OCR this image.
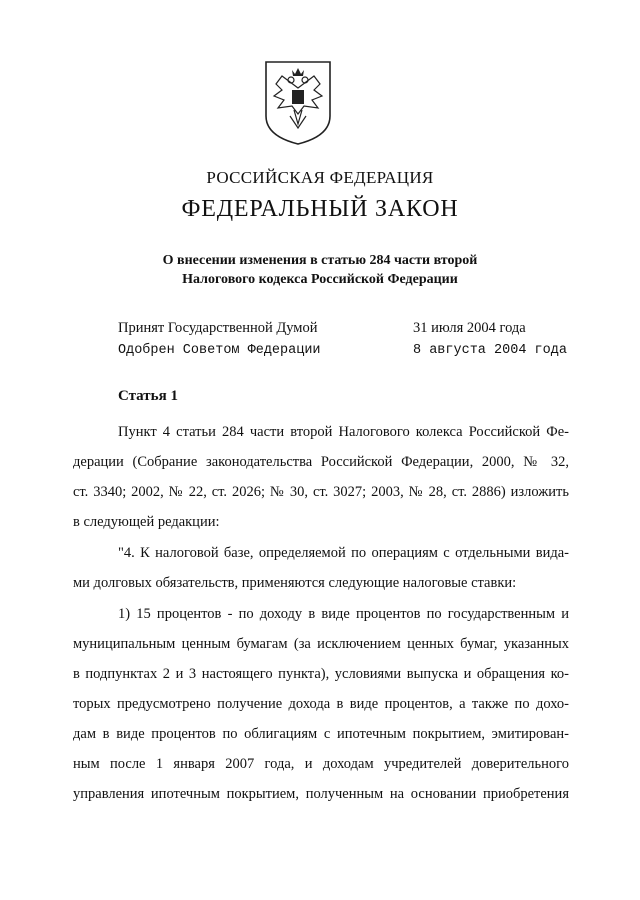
РОССИЙСКАЯ ФЕДЕРАЦИЯ
ФЕДЕРАЛЬНЫЙ ЗАКОН
О внесении изменения в статью 284 части второй
Налогового кодекса Российской Федерации
Принят Государственной Думой	31 июля 2004 года
Одобрен Советом Федерации	8 августа 2004 года
Статья 1
Пункт 4 статьи 284 части второй Налогового колекса Российской Фе-
дерации (Собрание законодательства Российской Федерации, 2000, № 32,
ст. 3340; 2002, № 22, ст. 2026; № 30, ст. 3027; 2003, № 28, ст. 2886) изложить
в следующей редакции:
"4. К налоговой базе, определяемой по операциям с отдельными вида-
ми долговых обязательств, применяются следующие налоговые ставки:
1) 15 процентов - по доходу в виде процентов по государственным и
муниципальным ценным бумагам (за исключением ценных бумаг, указанных
в подпунктах 2 и 3 настоящего пункта), условиями выпуска и обращения ко-
торых предусмотрено получение дохода в виде процентов, а также по дохо-
дам в виде процентов по облигациям с ипотечным покрытием, эмитирован-
ным после 1 января 2007 года, и доходам учредителей доверительного
управления ипотечным покрытием, полученным на основании приобретения
